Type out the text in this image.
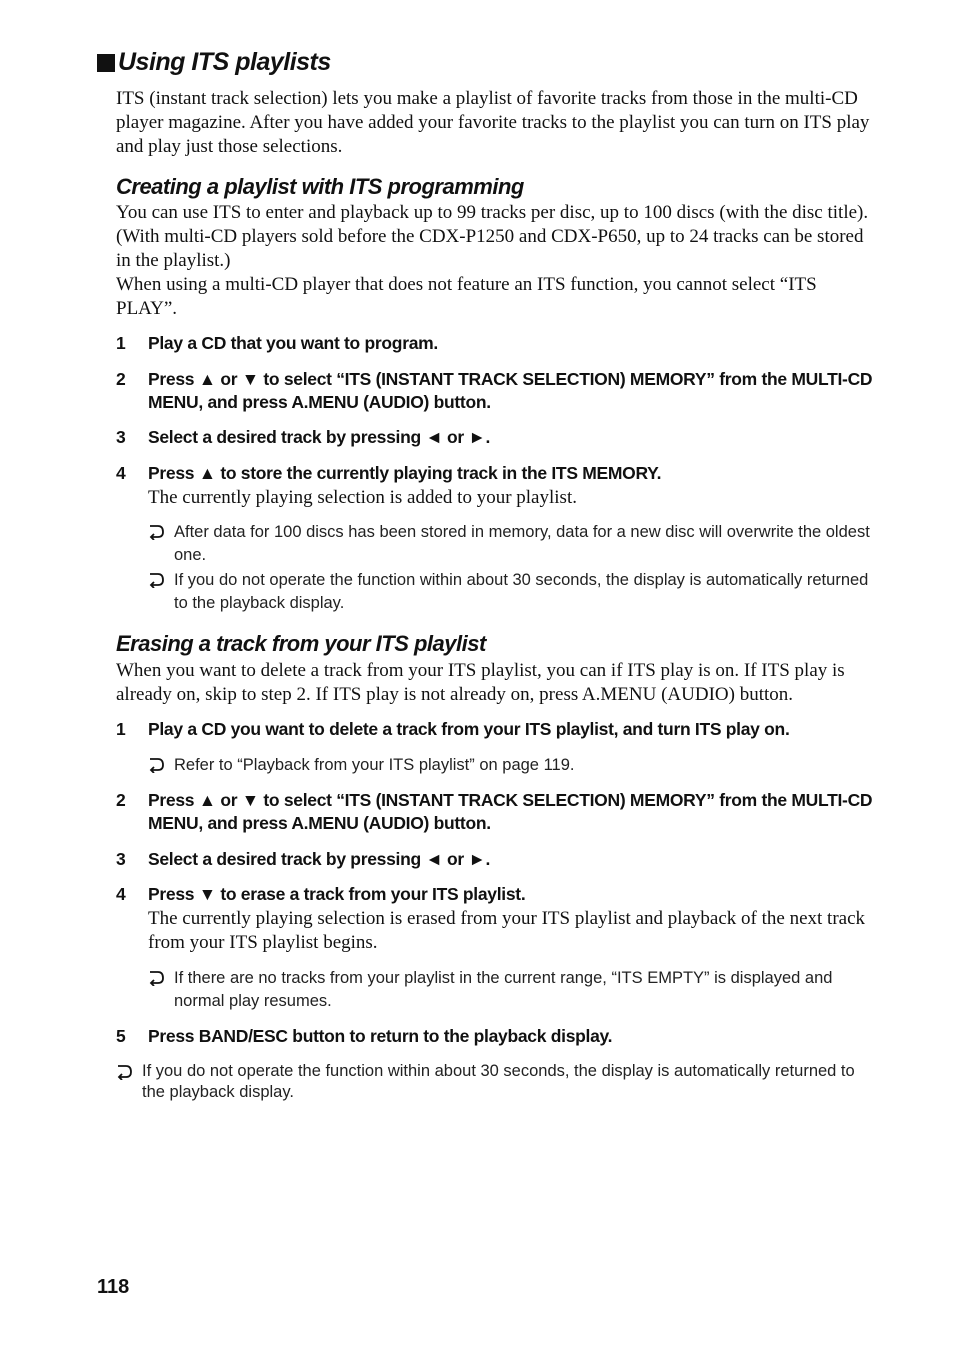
Using ITS playlists

ITS (instant track selection) lets you make a playlist of favorite tracks from those in the multi-CD player magazine. After you have added your favorite tracks to the playlist you can turn on ITS play and play just those selections.

Creating a playlist with ITS programming

You can use ITS to enter and playback up to 99 tracks per disc, up to 100 discs (with the disc title). (With multi-CD players sold before the CDX-P1250 and CDX-P650, up to 24 tracks can be stored in the playlist.)

When using a multi-CD player that does not feature an ITS function, you cannot select “ITS PLAY”.

1	Play a CD that you want to program.
2	Press ▲ or ▼ to select “ITS (INSTANT TRACK SELECTION) MEMORY” from the MULTI-CD MENU, and press A.MENU (AUDIO) button.
3	Select a desired track by pressing ◄ or ►.
4	Press ▲ to store the currently playing track in the ITS MEMORY.
The currently playing selection is added to your playlist.
After data for 100 discs has been stored in memory, data for a new disc will overwrite the oldest one.
If you do not operate the function within about 30 seconds, the display is automatically returned to the playback display.
Erasing a track from your ITS playlist

When you want to delete a track from your ITS playlist, you can if ITS play is on. If ITS play is already on, skip to step 2. If ITS play is not already on, press A.MENU (AUDIO) button.

1	Play a CD you want to delete a track from your ITS playlist, and turn ITS play on.
Refer to “Playback from your ITS playlist” on page 119.
2	Press ▲ or ▼ to select “ITS (INSTANT TRACK SELECTION) MEMORY” from the MULTI-CD MENU, and press A.MENU (AUDIO) button.
3	Select a desired track by pressing ◄ or ►.
4	Press ▼ to erase a track from your ITS playlist.
The currently playing selection is erased from your ITS playlist and playback of the next track from your ITS playlist begins.
If there are no tracks from your playlist in the current range, “ITS EMPTY” is displayed and normal play resumes.
5	Press BAND/ESC button to return to the playback display.
If you do not operate the function within about 30 seconds, the display is automatically returned to the playback display.
118
